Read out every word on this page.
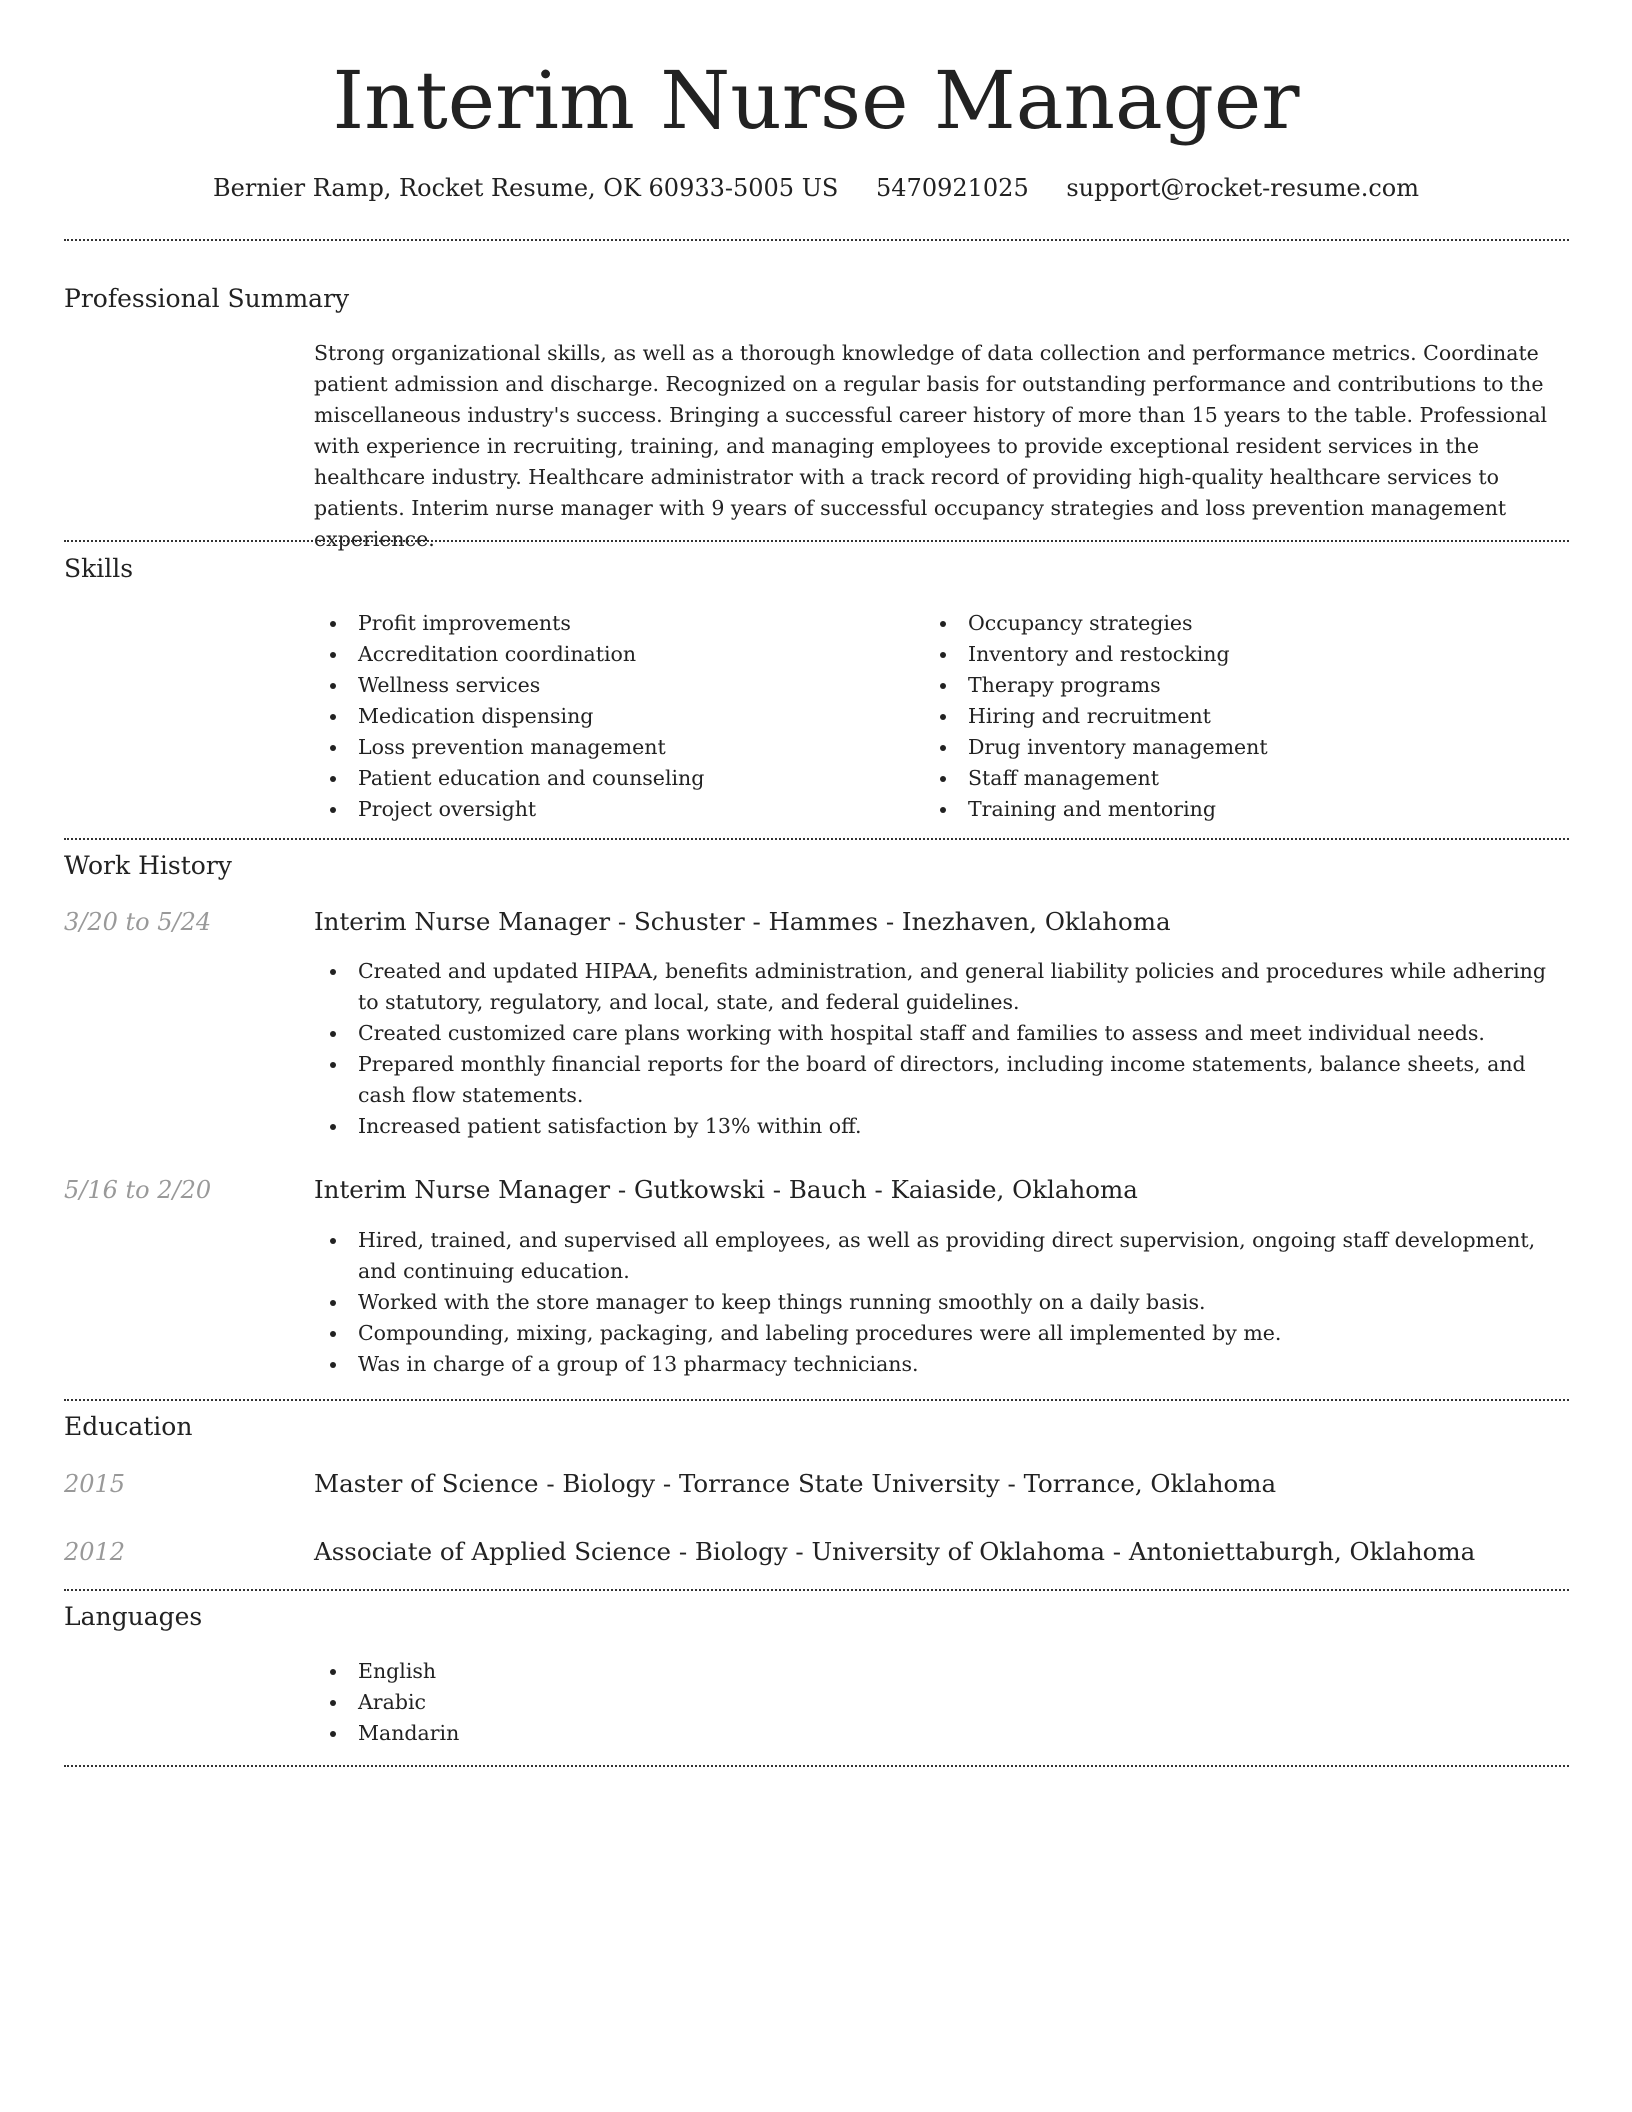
Interim Nurse Manager
Bernier Ramp, Rocket Resume, OK 60933-5005 US 5470921025 support@rocket-resume.com
Professional Summary

Strong organizational skills, as well as a thorough knowledge of data collection and performance metrics. Coordinate patient admission and discharge. Recognized on a regular basis for outstanding performance and contributions to the miscellaneous industry's success. Bringing a successful career history of more than 15 years to the table. Professional with experience in recruiting, training, and managing employees to provide exceptional resident services in the healthcare industry. Healthcare administrator with a track record of providing high-quality healthcare services to patients. Interim nurse manager with 9 years of successful occupancy strategies and loss prevention management experience.

Skills
Profit improvements
Accreditation coordination
Wellness services
Medication dispensing
Loss prevention management
Patient education and counseling
Project oversight
Occupancy strategies
Inventory and restocking
Therapy programs
Hiring and recruitment
Drug inventory management
Staff management
Training and mentoring
Work History
3/20 to 5/24	Interim Nurse Manager - Schuster - Hammes - Inezhaven, Oklahoma
Created and updated HIPAA, benefits administration, and general liability policies and procedures while adhering to statutory, regulatory, and local, state, and federal guidelines.
Created customized care plans working with hospital staff and families to assess and meet individual needs.
Prepared monthly financial reports for the board of directors, including income statements, balance sheets, and cash flow statements.
Increased patient satisfaction by 13% within off.
5/16 to 2/20	Interim Nurse Manager - Gutkowski - Bauch - Kaiaside, Oklahoma
Hired, trained, and supervised all employees, as well as providing direct supervision, ongoing staff development, and continuing education.
Worked with the store manager to keep things running smoothly on a daily basis.
Compounding, mixing, packaging, and labeling procedures were all implemented by me.
Was in charge of a group of 13 pharmacy technicians.
Education
2015	Master of Science - Biology - Torrance State University - Torrance, Oklahoma
2012	Associate of Applied Science - Biology - University of Oklahoma - Antoniettaburgh, Oklahoma
Languages
English
Arabic
Mandarin
